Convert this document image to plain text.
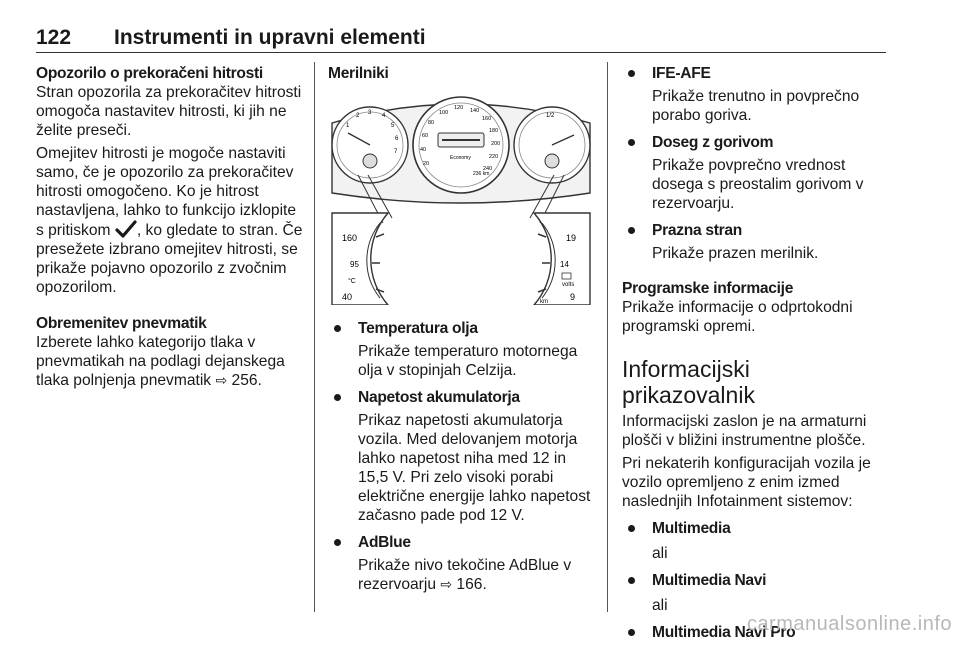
122 Instrumenti in upravni elementi
Opozorilo o prekoračeni hitrosti

Stran opozorila za prekoračitev hitrosti omogoča nastavitev hitrosti, ki jih ne želite preseči.

Omejitev hitrosti je mogoče nastaviti samo, če je opozorilo za prekoračitev hitrosti omogočeno. Ko je hitrost nastavljena, lahko to funkcijo izklopite s pritiskom , ko gledate to stran. Če presežete izbrano omejitev hitrosti, se prikaže pojavno opozorilo z zvočnim opozorilom.

Obremenitev pnevmatik

Izberete lahko kategorijo tlaka v pnevmatikah na podlagi dejanskega tlaka polnjenja pnevmatik ⇨ 256.

Merilniki
1
2 3 4
5
6
7
20
40
60
80
100
120 140
160
180
200
220
240
Economy
236 km
1/2
160
95
°C
40
19
14
volts
9
km
Temperatura olja
Prikaže temperaturo motornega olja v stopinjah Celzija.
Napetost akumulatorja
Prikaz napetosti akumulatorja vozila. Med delovanjem motorja lahko napetost niha med 12 in 15,5 V. Pri zelo visoki porabi električne energije lahko napetost začasno pade pod 12 V.
AdBlue
Prikaže nivo tekočine AdBlue v rezervoarju ⇨ 166.
IFE-AFE
Prikaže trenutno in povprečno porabo goriva.
Doseg z gorivom
Prikaže povprečno vrednost dosega s preostalim gorivom v rezervoarju.
Prazna stran
Prikaže prazen merilnik.
Programske informacije

Prikaže informacije o odprtokodni programski opremi.

Informacijski prikazovalnik

Informacijski zaslon je na armaturni plošči v bližini instrumentne plošče.

Pri nekaterih konfiguracijah vozila je vozilo opremljeno z enim izmed naslednjih Infotainment sistemov:

Multimedia

ali

Multimedia Navi

ali

Multimedia Navi Pro
carmanualsonline.info
